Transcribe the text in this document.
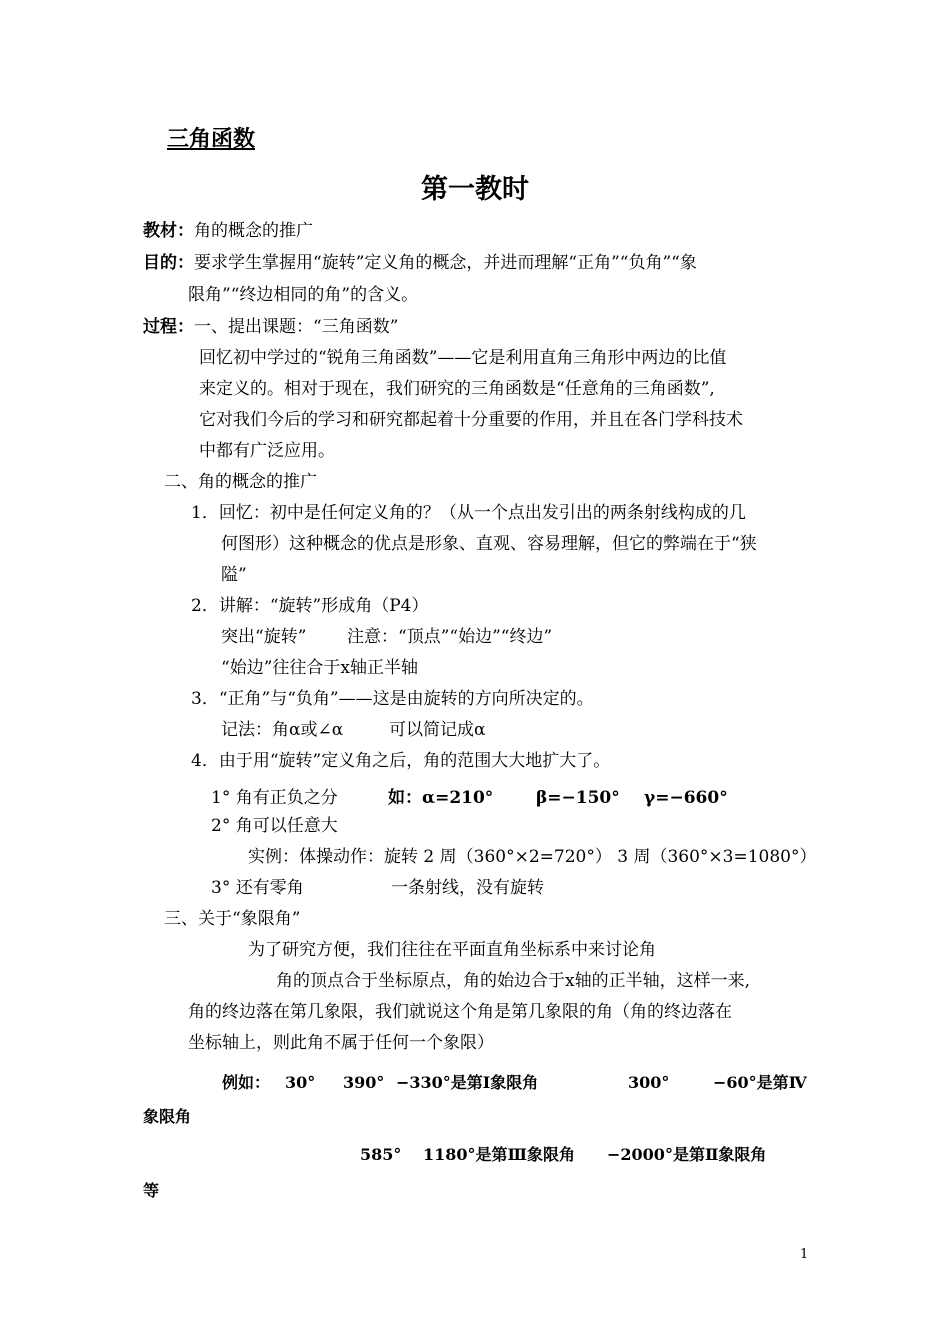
三角函数
第一教时
教材：角的概念的推广
目的：要求学生掌握用“旋转”定义角的概念，并进而理解“正角”“负角”“象
限角”“终边相同的角”的含义。
过程：一、提出课题：“三角函数”
回忆初中学过的“锐角三角函数”——它是利用直角三角形中两边的比值
来定义的。相对于现在，我们研究的三角函数是“任意角的三角函数”,
它对我们今后的学习和研究都起着十分重要的作用，并且在各门学科技术
中都有广泛应用。
二、角的概念的推广
1．回忆：初中是任何定义角的？（从一个点出发引出的两条射线构成的几
何图形）这种概念的优点是形象、直观、容易理解，但它的弊端在于“狭
隘”
2．讲解：“旋转”形成角（P4）
突出“旋转” 注意：“顶点”“始边”“终边”
“始边”往往合于x轴正半轴
3．“正角”与“负角”——这是由旋转的方向所决定的。
记法：角α或∠α	可以简记成α
4．由于用“旋转”定义角之后，角的范围大大地扩大了。
1° 角有正负之分	如：α=210°	β=−150° γ=−660°
2° 角可以任意大
实例：体操动作：旋转 2 周（360°×2=720°） 3 周（360°×3=1080°）
3° 还有零角	一条射线，没有旋转
三、关于“象限角”
为了研究方便，我们往往在平面直角坐标系中来讨论角
角的顶点合于坐标原点，角的始边合于x轴的正半轴，这样一来,
角的终边落在第几象限，我们就说这个角是第几象限的角（角的终边落在
坐标轴上，则此角不属于任何一个象限）
例如： 30° 390° −330°是第Ⅰ象限角	300°	−60°是第Ⅳ
象限角
585° 1180°是第Ⅲ象限角 −2000°是第Ⅱ象限角
等
1
